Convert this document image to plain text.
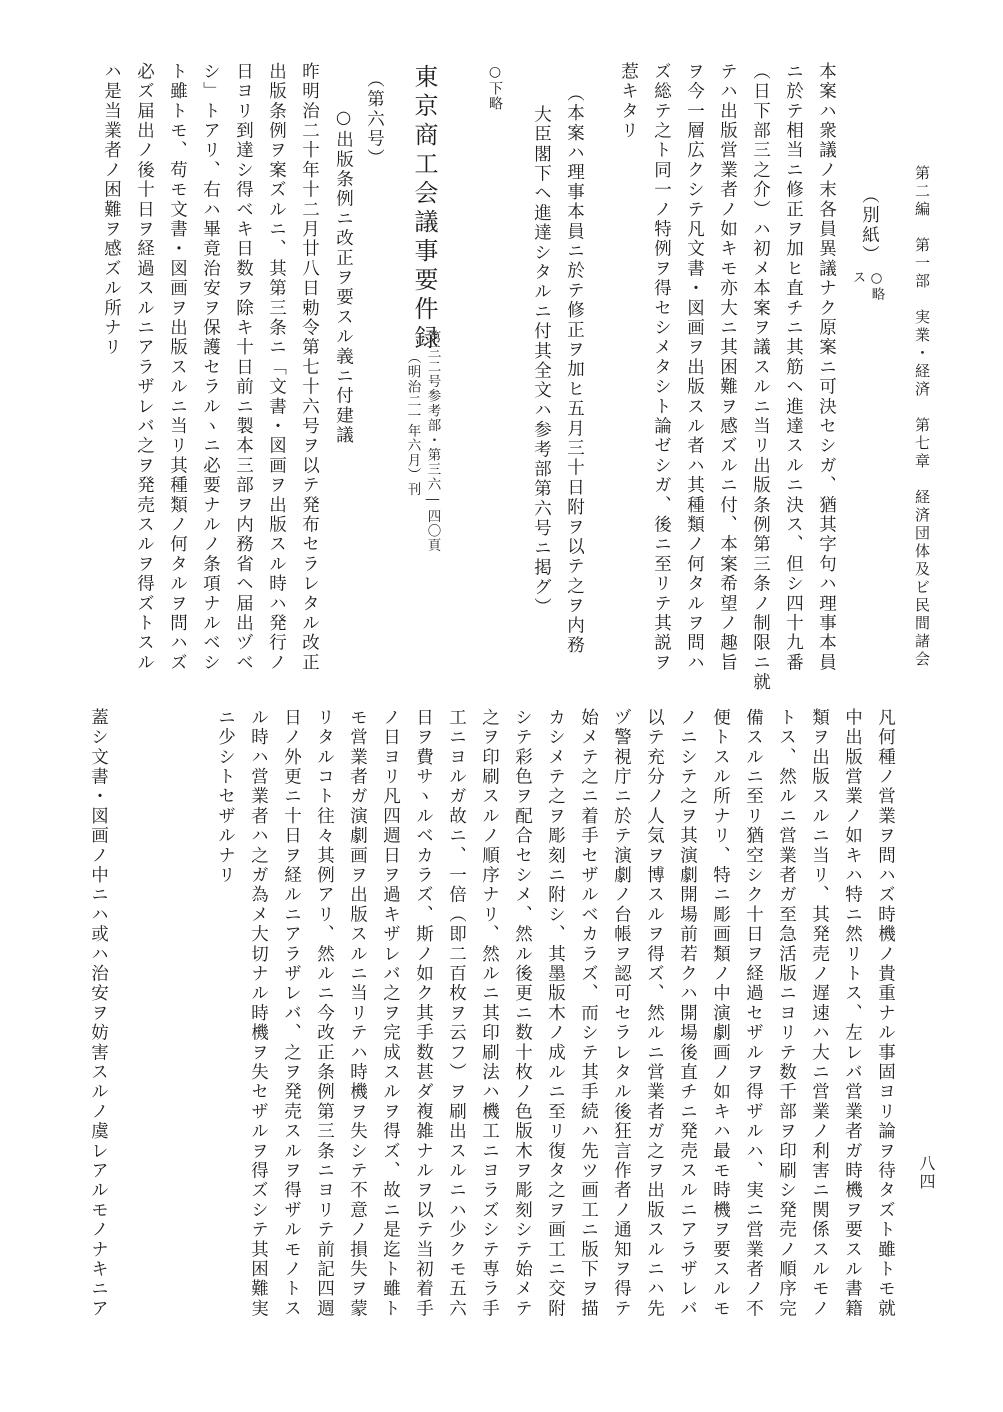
第二編　第一部　実業・経済　第七章　経済団体及ビ民間諸会
八四
（別紙）
○略
ス
本案ハ衆議ノ末各員異議ナク原案ニ可決セシガ、猶其字句ハ理事本員
ニ於テ相当ニ修正ヲ加ヒ直チニ其筋ヘ進達スルニ決ス、但シ四十九番
（日下部三之介）ハ初メ本案ヲ議スルニ当リ出版条例第三条ノ制限ニ就
テハ出版営業者ノ如キモ亦大ニ其困難ヲ感ズルニ付、本案希望ノ趣旨
ヲ今一層広クシテ凡文書・図画ヲ出版スル者ハ其種類ノ何タルヲ問ハ
ズ総テ之ト同一ノ特例ヲ得セシメタシト論ゼシガ、後ニ至リテ其説ヲ
惹キタリ
（本案ハ理事本員ニ於テ修正ヲ加ヒ五月三十日附ヲ以テ之ヲ内務
大臣閣下ヘ進達シタルニ付其全文ハ参考部第六号ニ掲グ）
○下略
東京商工会議事要件録
第三二号参考部・第三六―四〇頁
（明治二一年六月）刊
（第六号）
○出版条例ニ改正ヲ要スル義ニ付建議
昨明治二十年十二月廿八日勅令第七十六号ヲ以テ発布セラレタル改正
出版条例ヲ案ズルニ、其第三条ニ「文書・図画ヲ出版スル時ハ発行ノ
日ヨリ到達シ得ベキ日数ヲ除キ十日前ニ製本三部ヲ内務省ヘ届出ヅベ
シ」トアリ、右ハ畢竟治安ヲ保護セラルヽニ必要ナルノ条項ナルベシ
ト雖トモ、苟モ文書・図画ヲ出版スルニ当リ其種類ノ何タルヲ問ハズ
必ズ届出ノ後十日ヲ経過スルニアラザレバ之ヲ発売スルヲ得ズトスル
ハ是当業者ノ困難ヲ感ズル所ナリ
凡何種ノ営業ヲ問ハズ時機ノ貴重ナル事固ヨリ論ヲ待タズト雖トモ就
中出版営業ノ如キハ特ニ然リトス、左レバ営業者ガ時機ヲ要スル書籍
類ヲ出版スルニ当リ、其発売ノ遅速ハ大ニ営業ノ利害ニ関係スルモノ
トス、然ルニ営業者ガ至急活版ニヨリテ数千部ヲ印刷シ発売ノ順序完
備スルニ至リ猶空シク十日ヲ経過セザルヲ得ザルハ、実ニ営業者ノ不
便トスル所ナリ、特ニ彫画類ノ中演劇画ノ如キハ最モ時機ヲ要スルモ
ノニシテ之ヲ其演劇開場前若クハ開場後直チニ発売スルニアラザレバ
以テ充分ノ人気ヲ博スルヲ得ズ、然ルニ営業者ガ之ヲ出版スルニハ先
ヅ警視庁ニ於テ演劇ノ台帳ヲ認可セラレタル後狂言作者ノ通知ヲ得テ
始メテ之ニ着手セザルベカラズ、而シテ其手続ハ先ツ画工ニ版下ヲ描
カシメテ之ヲ彫刻ニ附シ、其墨版木ノ成ルニ至リ復タ之ヲ画工ニ交附
シテ彩色ヲ配合セシメ、然ル後更ニ数十枚ノ色版木ヲ彫刻シテ始メテ
之ヲ印刷スルノ順序ナリ、然ルニ其印刷法ハ機工ニヨラズシテ専ラ手
工ニヨルガ故ニ、一倍（即二百枚ヲ云フ）ヲ刷出スルニハ少クモ五六
日ヲ費サヽルベカラズ、斯ノ如ク其手数甚ダ複雑ナルヲ以テ当初着手
ノ日ヨリ凡四週日ヲ過キザレバ之ヲ完成スルヲ得ズ、故ニ是迄ト雖ト
モ営業者ガ演劇画ヲ出版スルニ当リテハ時機ヲ失シテ不意ノ損失ヲ蒙
リタルコト往々其例アリ、然ルニ今改正条例第三条ニヨリテ前記四週
日ノ外更ニ十日ヲ経ルニアラザレバ、之ヲ発売スルヲ得ザルモノトス
ル時ハ営業者ハ之ガ為メ大切ナル時機ヲ失セザルヲ得ズシテ其困難実
ニ少シトセザルナリ
蓋シ文書・図画ノ中ニハ或ハ治安ヲ妨害スルノ虞レアルモノナキニア
